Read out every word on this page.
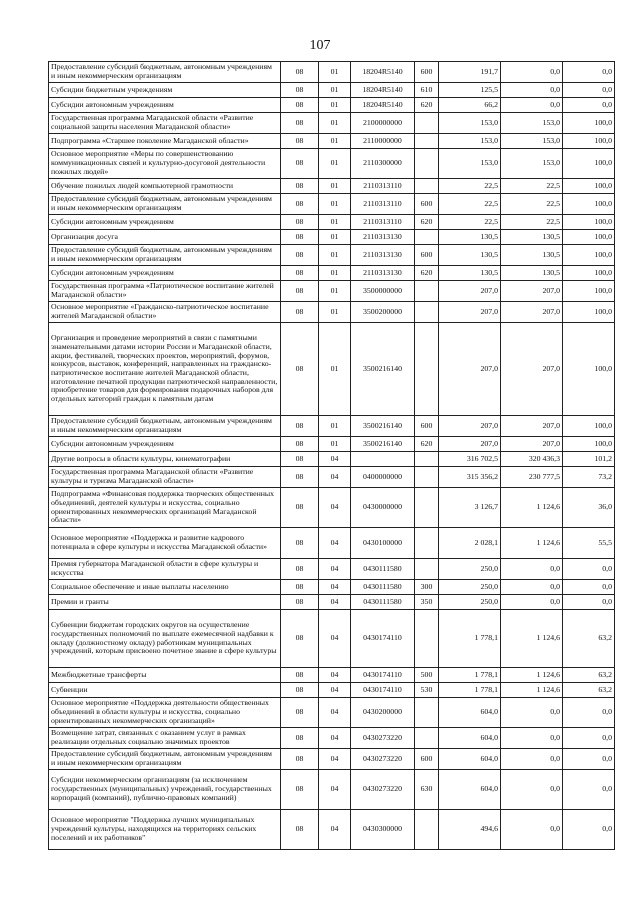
107
Предоставление субсидий бюджетным, автономным учреждениям и иным некоммерческим организациям	08	01	18204R5140	600	191,7	0,0	0,0
Субсидии бюджетным учреждениям	08	01	18204R5140	610	125,5	0,0	0,0
Субсидии автономным учреждениям	08	01	18204R5140	620	66,2	0,0	0,0
Государственная программа Магаданской области «Развитие социальной защиты населения Магаданской области»	08	01	2100000000		153,0	153,0	100,0
Подпрограмма «Старшее поколение Магаданской области»	08	01	2110000000		153,0	153,0	100,0
Основное мероприятие «Меры по совершенствованию коммуникационных связей и культурно-досуговой деятельности пожилых людей»	08	01	2110300000		153,0	153,0	100,0
Обучение пожилых людей компьютерной грамотности	08	01	2110313110		22,5	22,5	100,0
Предоставление субсидий бюджетным, автономным учреждениям и иным некоммерческим организациям	08	01	2110313110	600	22,5	22,5	100,0
Субсидии автономным учреждениям	08	01	2110313110	620	22,5	22,5	100,0
Организация досуга	08	01	2110313130		130,5	130,5	100,0
Предоставление субсидий бюджетным, автономным учреждениям и иным некоммерческим организациям	08	01	2110313130	600	130,5	130,5	100,0
Субсидии автономным учреждениям	08	01	2110313130	620	130,5	130,5	100,0
Государственная программа «Патриотическое воспитание жителей Магаданской области»	08	01	3500000000		207,0	207,0	100,0
Основное мероприятие «Гражданско-патриотическое воспитание жителей Магаданской области»	08	01	3500200000		207,0	207,0	100,0
Организация и проведение мероприятий в связи с памятными знаменательными датами истории России и Магаданской области, акции, фестивалей, творческих проектов, мероприятий, форумов, конкурсов, выставок, конференций, направленных на гражданско-патриотическое воспитание жителей Магаданской области, изготовление печатной продукции патриотической направленности, приобретение товаров для формирования подарочных наборов для отдельных категорий граждан к памятным датам	08	01	3500216140		207,0	207,0	100,0
Предоставление субсидий бюджетным, автономным учреждениям и иным некоммерческим организациям	08	01	3500216140	600	207,0	207,0	100,0
Субсидии автономным учреждениям	08	01	3500216140	620	207,0	207,0	100,0
Другие вопросы в области культуры, кинематографии	08	04			316 702,5	320 436,3	101,2
Государственная программа Магаданской области «Развитие культуры и туризма Магаданской области»	08	04	0400000000		315 356,2	230 777,5	73,2
Подпрограмма «Финансовая поддержка творческих общественных объединений, деятелей культуры и искусства, социально ориентированных некоммерческих организаций Магаданской области»	08	04	0430000000		3 126,7	1 124,6	36,0
Основное мероприятие «Поддержка и развитие кадрового потенциала в сфере культуры и искусства Магаданской области»	08	04	0430100000		2 028,1	1 124,6	55,5
Премия губернатора Магаданской области в сфере культуры и искусства	08	04	0430111580		250,0	0,0	0,0
Социальное обеспечение и иные выплаты населению	08	04	0430111580	300	250,0	0,0	0,0
Премии и гранты	08	04	0430111580	350	250,0	0,0	0,0
Субвенции бюджетам городских округов на осуществление государственных полномочий по выплате ежемесячной надбавки к окладу (должностному окладу) работникам муниципальных учреждений, которым присвоено почетное звание в сфере культуры	08	04	0430174110		1 778,1	1 124,6	63,2
Межбюджетные трансферты	08	04	0430174110	500	1 778,1	1 124,6	63,2
Субвенции	08	04	0430174110	530	1 778,1	1 124,6	63,2
Основное мероприятие «Поддержка деятельности общественных объединений в области культуры и искусства, социально ориентированных некоммерческих организаций»	08	04	0430200000		604,0	0,0	0,0
Возмещение затрат, связанных с оказанием услуг в рамках реализации отдельных социально значимых проектов	08	04	0430273220		604,0	0,0	0,0
Предоставление субсидий бюджетным, автономным учреждениям и иным некоммерческим организациям	08	04	0430273220	600	604,0	0,0	0,0
Субсидии некоммерческим организациям (за исключением государственных (муниципальных) учреждений, государственных корпораций (компаний), публично-правовых компаний)	08	04	0430273220	630	604,0	0,0	0,0
Основное мероприятие "Поддержка лучших муниципальных учреждений культуры, находящихся на территориях сельских поселений и их работников"	08	04	0430300000		494,6	0,0	0,0
